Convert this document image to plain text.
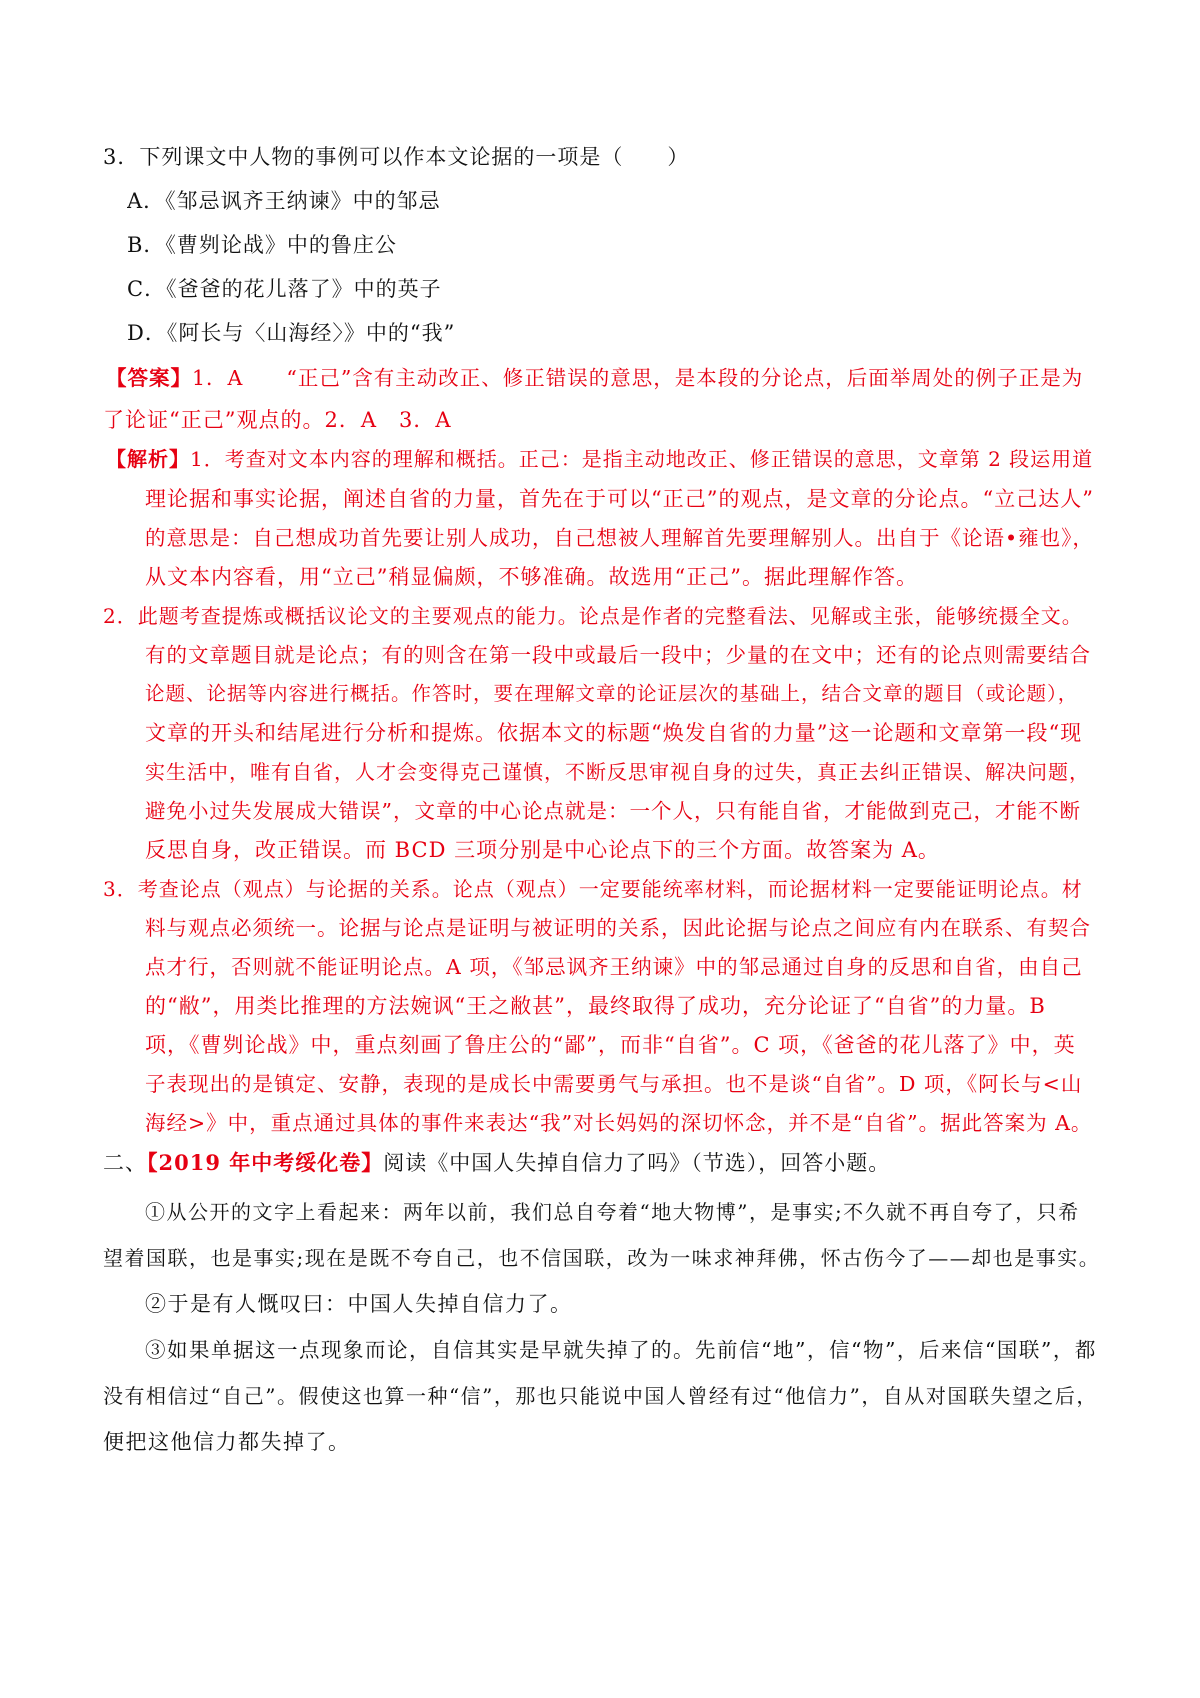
3．下列课文中人物的事例可以作本文论据的一项是（　　）
A．《邹忌讽齐王纳谏》中的邹忌
B．《曹刿论战》中的鲁庄公
C．《爸爸的花儿落了》中的英子
D．《阿长与〈山海经〉》中的“我”
【答案】1．A　　“正己”含有主动改正、修正错误的意思，是本段的分论点，后面举周处的例子正是为
了论证“正己”观点的。2．A　3．A
【解析】1．考查对文本内容的理解和概括。正己：是指主动地改正、修正错误的意思，文章第 2 段运用道
理论据和事实论据，阐述自省的力量，首先在于可以“正己”的观点，是文章的分论点。“立己达人”
的意思是：自己想成功首先要让别人成功，自己想被人理解首先要理解别人。出自于《论语•雍也》，
从文本内容看，用“立己”稍显偏颇，不够准确。故选用“正己”。据此理解作答。
2．此题考查提炼或概括议论文的主要观点的能力。论点是作者的完整看法、见解或主张，能够统摄全文。
有的文章题目就是论点；有的则含在第一段中或最后一段中；少量的在文中；还有的论点则需要结合
论题、论据等内容进行概括。作答时，要在理解文章的论证层次的基础上，结合文章的题目（或论题），
文章的开头和结尾进行分析和提炼。依据本文的标题“焕发自省的力量”这一论题和文章第一段“现
实生活中，唯有自省，人才会变得克己谨慎，不断反思审视自身的过失，真正去纠正错误、解决问题，
避免小过失发展成大错误”，文章的中心论点就是：一个人，只有能自省，才能做到克己，才能不断
反思自身，改正错误。而 BCD 三项分别是中心论点下的三个方面。故答案为 A。
3．考查论点（观点）与论据的关系。论点（观点）一定要能统率材料，而论据材料一定要能证明论点。材
料与观点必须统一。论据与论点是证明与被证明的关系，因此论据与论点之间应有内在联系、有契合
点才行，否则就不能证明论点。A 项，《邹忌讽齐王纳谏》中的邹忌通过自身的反思和自省，由自己
的“敝”，用类比推理的方法婉讽“王之敝甚”，最终取得了成功，充分论证了“自省”的力量。B
项，《曹刿论战》中，重点刻画了鲁庄公的“鄙”，而非“自省”。C 项，《爸爸的花儿落了》中，英
子表现出的是镇定、安静，表现的是成长中需要勇气与承担。也不是谈“自省”。D 项，《阿长与<山
海经>》中，重点通过具体的事件来表达“我”对长妈妈的深切怀念，并不是“自省”。据此答案为 A。
二、【2019 年中考绥化卷】阅读《中国人失掉自信力了吗》（节选），回答小题。
①从公开的文字上看起来：两年以前，我们总自夸着“地大物博”，是事实;不久就不再自夸了，只希
望着国联，也是事实;现在是既不夸自己，也不信国联，改为一味求神拜佛，怀古伤今了——却也是事实。
②于是有人慨叹曰：中国人失掉自信力了。
③如果单据这一点现象而论，自信其实是早就失掉了的。先前信“地”，信“物”，后来信“国联”，都
没有相信过“自己”。假使这也算一种“信”，那也只能说中国人曾经有过“他信力”，自从对国联失望之后，
便把这他信力都失掉了。
